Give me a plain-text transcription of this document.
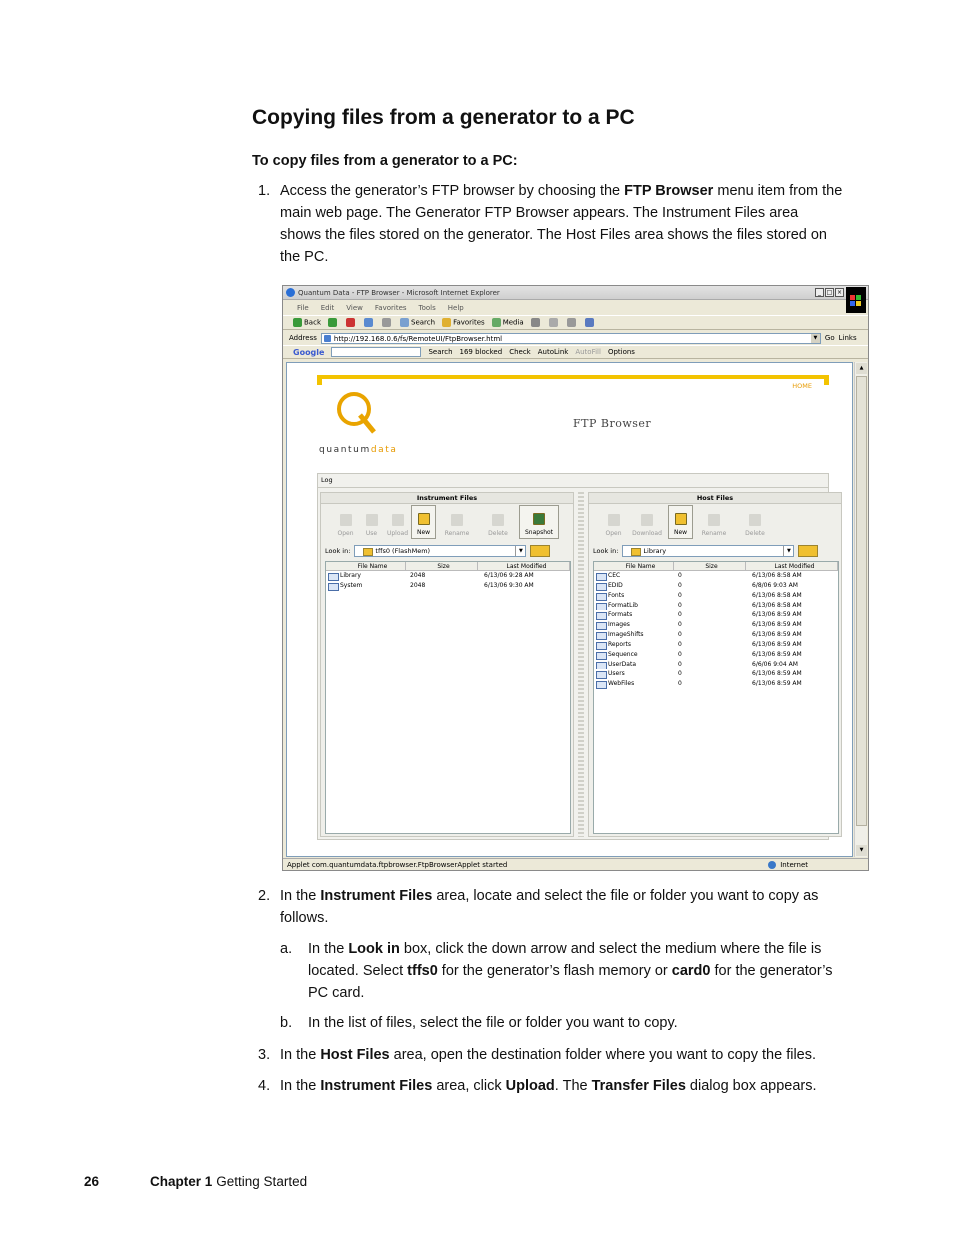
Copying files from a generator to a PC
To copy files from a generator to a PC:
1. Access the generator’s FTP browser by choosing the FTP Browser menu item from the
main web page. The Generator FTP Browser appears. The Instrument Files area
shows the files stored on the generator. The Host Files area shows the files stored on
the PC.
Quantum Data - FTP Browser - Microsoft Internet Explorer	_ □ ×
File Edit View Favorites Tools Help
Back	Search	Favorites	Media
Address	http://192.168.0.6/fs/RemoteUI/FtpBrowser.html	▼	Go Links
Google	Search 169 blocked Check AutoLink AutoFill Options
HOME
quantumdata
FTP Browser
Log
Instrument Files
Open Use Upload New Rename	Delete	Snapshot
Look in:	tffs0 (FlashMem)	▼
File Name	Size	Last Modified
Library	2048	6/13/06 9:28 AM
System	2048	6/13/06 9:30 AM
Host Files
Open Download New Rename	Delete
Look in:	Library	▼
File Name	Size	Last Modified
CEC	0	6/13/06 8:58 AM
EDID	0	6/8/06 9:03 AM
Fonts	0	6/13/06 8:58 AM
FormatLib	0	6/13/06 8:58 AM
Formats	0	6/13/06 8:59 AM
Images	0	6/13/06 8:59 AM
ImageShifts	0	6/13/06 8:59 AM
Reports	0	6/13/06 8:59 AM
Sequence	0	6/13/06 8:59 AM
UserData	0	6/6/06 9:04 AM
Users	0	6/13/06 8:59 AM
WebFiles	0	6/13/06 8:59 AM
▲
▼
Applet com.quantumdata.ftpbrowser.FtpBrowserApplet started	Internet
2. In the Instrument Files area, locate and select the file or folder you want to copy as
follows.
a. In the Look in box, click the down arrow and select the medium where the file is
located. Select tffs0 for the generator’s flash memory or card0 for the generator’s
PC card.
b. In the list of files, select the file or folder you want to copy.
3. In the Host Files area, open the destination folder where you want to copy the files.
4. In the Instrument Files area, click Upload. The Transfer Files dialog box appears.
26	Chapter 1 Getting Started
